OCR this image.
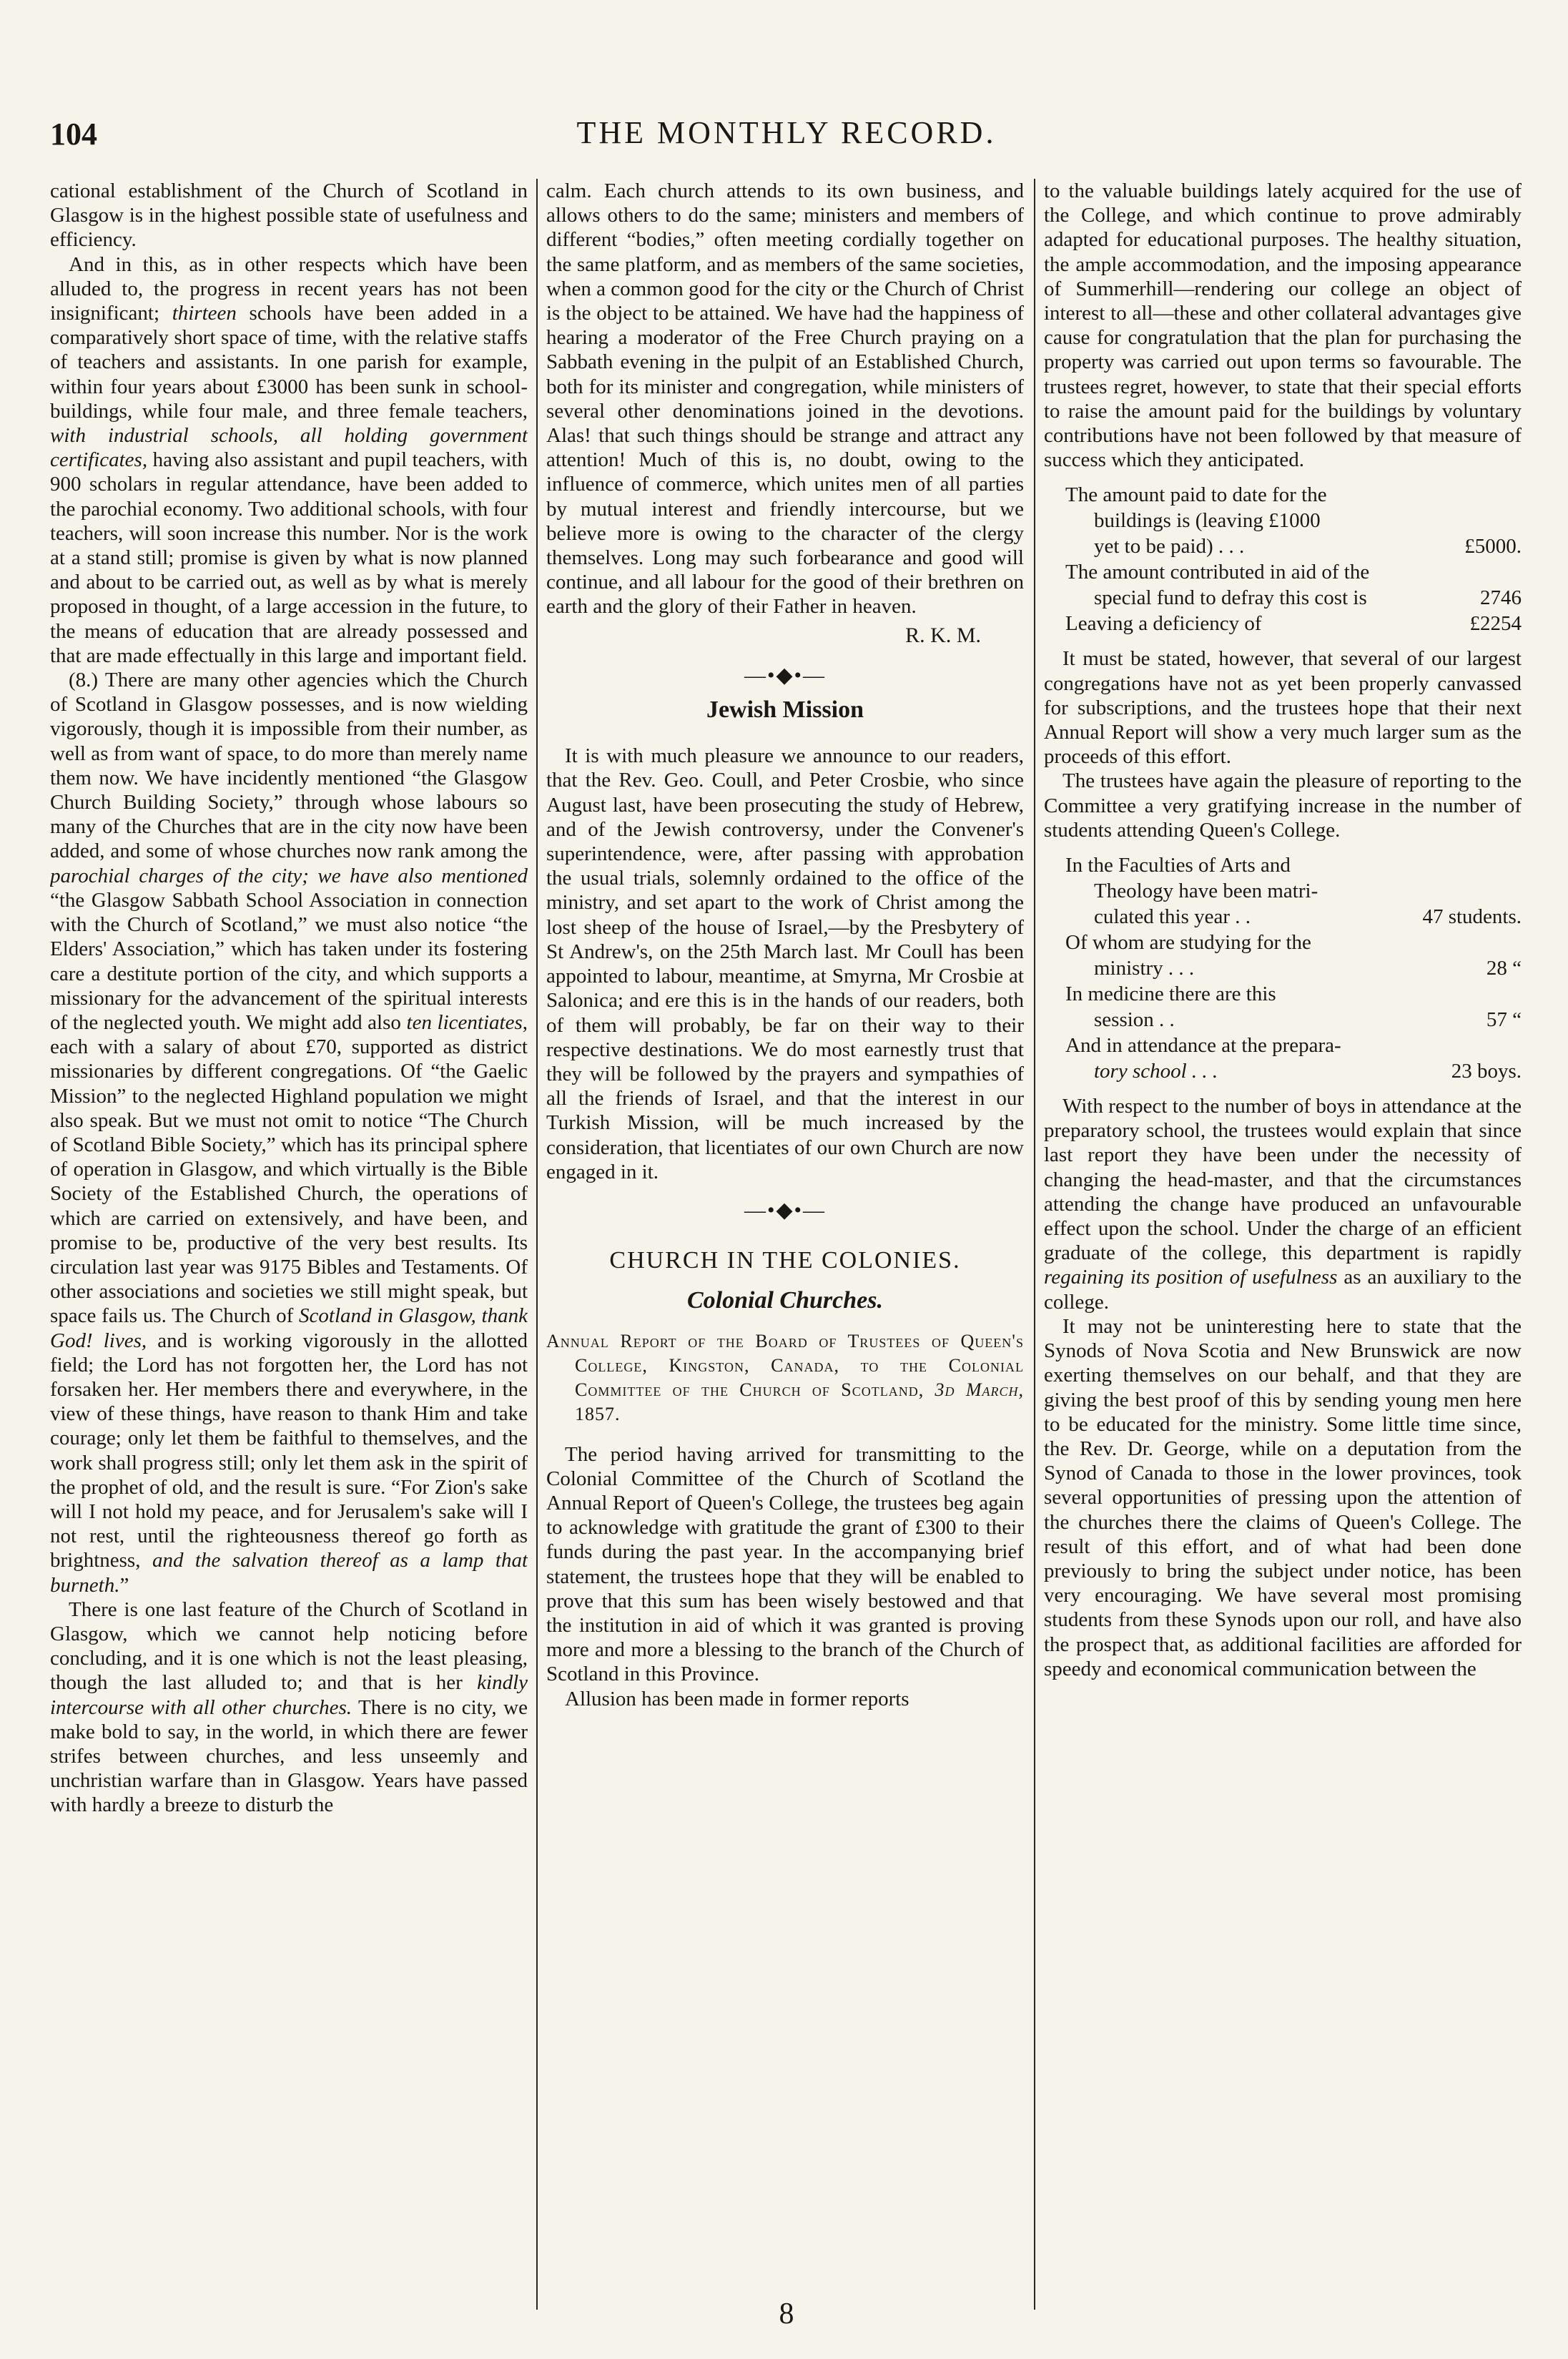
104	THE MONTHLY RECORD.

cational establishment of the Church of Scotland in Glasgow is in the highest possible state of usefulness and efficiency.

And in this, as in other respects which have been alluded to, the progress in recent years has not been insignificant; thirteen schools have been added in a comparatively short space of time, with the relative staffs of teachers and assistants. In one parish for example, within four years about £3000 has been sunk in school-buildings, while four male, and three female teachers, with industrial schools, all holding government certificates, having also assistant and pupil teachers, with 900 scholars in regular attendance, have been added to the parochial economy. Two additional schools, with four teachers, will soon increase this number. Nor is the work at a stand still; promise is given by what is now planned and about to be carried out, as well as by what is merely proposed in thought, of a large accession in the future, to the means of education that are already possessed and that are made effectually in this large and important field.

(8.) There are many other agencies which the Church of Scotland in Glasgow possesses, and is now wielding vigorously, though it is impossible from their number, as well as from want of space, to do more than merely name them now. We have incidently mentioned “the Glasgow Church Building Society,” through whose labours so many of the Churches that are in the city now have been added, and some of whose churches now rank among the parochial charges of the city; we have also mentioned “the Glasgow Sabbath School Association in connection with the Church of Scotland,” we must also notice “the Elders' Association,” which has taken under its fostering care a destitute portion of the city, and which supports a missionary for the advancement of the spiritual interests of the neglected youth. We might add also ten licentiates, each with a salary of about £70, supported as district missionaries by different congregations. Of “the Gaelic Mission” to the neglected Highland population we might also speak. But we must not omit to notice “The Church of Scotland Bible Society,” which has its principal sphere of operation in Glasgow, and which virtually is the Bible Society of the Established Church, the operations of which are carried on extensively, and have been, and promise to be, productive of the very best results. Its circulation last year was 9175 Bibles and Testaments. Of other associations and societies we still might speak, but space fails us. The Church of Scotland in Glasgow, thank God! lives, and is working vigorously in the allotted field; the Lord has not forgotten her, the Lord has not forsaken her. Her members there and everywhere, in the view of these things, have reason to thank Him and take courage; only let them be faithful to themselves, and the work shall progress still; only let them ask in the spirit of the prophet of old, and the result is sure. “For Zion's sake will I not hold my peace, and for Jerusalem's sake will I not rest, until the righteousness thereof go forth as brightness, and the salvation thereof as a lamp that burneth.”

There is one last feature of the Church of Scotland in Glasgow, which we cannot help noticing before concluding, and it is one which is not the least pleasing, though the last alluded to; and that is her kindly intercourse with all other churches. There is no city, we make bold to say, in the world, in which there are fewer strifes between churches, and less unseemly and unchristian warfare than in Glasgow. Years have passed with hardly a breeze to disturb the

calm. Each church attends to its own business, and allows others to do the same; ministers and members of different “bodies,” often meeting cordially together on the same platform, and as members of the same societies, when a common good for the city or the Church of Christ is the object to be attained. We have had the happiness of hearing a moderator of the Free Church praying on a Sabbath evening in the pulpit of an Established Church, both for its minister and congregation, while ministers of several other denominations joined in the devotions. Alas! that such things should be strange and attract any attention! Much of this is, no doubt, owing to the influence of commerce, which unites men of all parties by mutual interest and friendly intercourse, but we believe more is owing to the character of the clergy themselves. Long may such forbearance and good will continue, and all labour for the good of their brethren on earth and the glory of their Father in heaven.

R. K. M.
—•◆•—
Jewish Mission

It is with much pleasure we announce to our readers, that the Rev. Geo. Coull, and Peter Crosbie, who since August last, have been prosecuting the study of Hebrew, and of the Jewish controversy, under the Convener's superintendence, were, after passing with approbation the usual trials, solemnly ordained to the office of the ministry, and set apart to the work of Christ among the lost sheep of the house of Israel,—by the Presbytery of St Andrew's, on the 25th March last. Mr Coull has been appointed to labour, meantime, at Smyrna, Mr Crosbie at Salonica; and ere this is in the hands of our readers, both of them will probably, be far on their way to their respective destinations. We do most earnestly trust that they will be followed by the prayers and sympathies of all the friends of Israel, and that the interest in our Turkish Mission, will be much increased by the consideration, that licentiates of our own Church are now engaged in it.

—•◆•—
CHURCH IN THE COLONIES.
Colonial Churches.
Annual Report of the Board of Trustees of Queen's College, Kingston, Canada, to the Colonial Committee of the Church of Scotland, 3d March, 1857.

The period having arrived for transmitting to the Colonial Committee of the Church of Scotland the Annual Report of Queen's College, the trustees beg again to acknowledge with gratitude the grant of £300 to their funds during the past year. In the accompanying brief statement, the trustees hope that they will be enabled to prove that this sum has been wisely bestowed and that the institution in aid of which it was granted is proving more and more a blessing to the branch of the Church of Scotland in this Province.

Allusion has been made in former reports

to the valuable buildings lately acquired for the use of the College, and which continue to prove admirably adapted for educational purposes. The healthy situation, the ample accommodation, and the imposing appearance of Summerhill—rendering our college an object of interest to all—these and other collateral advantages give cause for congratulation that the plan for purchasing the property was carried out upon terms so favourable. The trustees regret, however, to state that their special efforts to raise the amount paid for the buildings by voluntary contributions have not been followed by that measure of success which they anticipated.

The amount paid to date for the
buildings is (leaving £1000
yet to be paid) . . .	£5000.
The amount contributed in aid of the
special fund to defray this cost is	2746
Leaving a deficiency of	£2254

It must be stated, however, that several of our largest congregations have not as yet been properly canvassed for subscriptions, and the trustees hope that their next Annual Report will show a very much larger sum as the proceeds of this effort.

The trustees have again the pleasure of reporting to the Committee a very gratifying increase in the number of students attending Queen's College.

In the Faculties of Arts and
Theology have been matri-
culated this year . .	47 students.
Of whom are studying for the
ministry . . .	28 “
In medicine there are this
session . .	57 “
And in attendance at the prepara-
tory school . . .	23 boys.

With respect to the number of boys in attendance at the preparatory school, the trustees would explain that since last report they have been under the necessity of changing the head-master, and that the circumstances attending the change have produced an unfavourable effect upon the school. Under the charge of an efficient graduate of the college, this department is rapidly regaining its position of usefulness as an auxiliary to the college.

It may not be uninteresting here to state that the Synods of Nova Scotia and New Brunswick are now exerting themselves on our behalf, and that they are giving the best proof of this by sending young men here to be educated for the ministry. Some little time since, the Rev. Dr. George, while on a deputation from the Synod of Canada to those in the lower provinces, took several opportunities of pressing upon the attention of the churches there the claims of Queen's College. The result of this effort, and of what had been done previously to bring the subject under notice, has been very encouraging. We have several most promising students from these Synods upon our roll, and have also the prospect that, as additional facilities are afforded for speedy and economical communication between the

8
